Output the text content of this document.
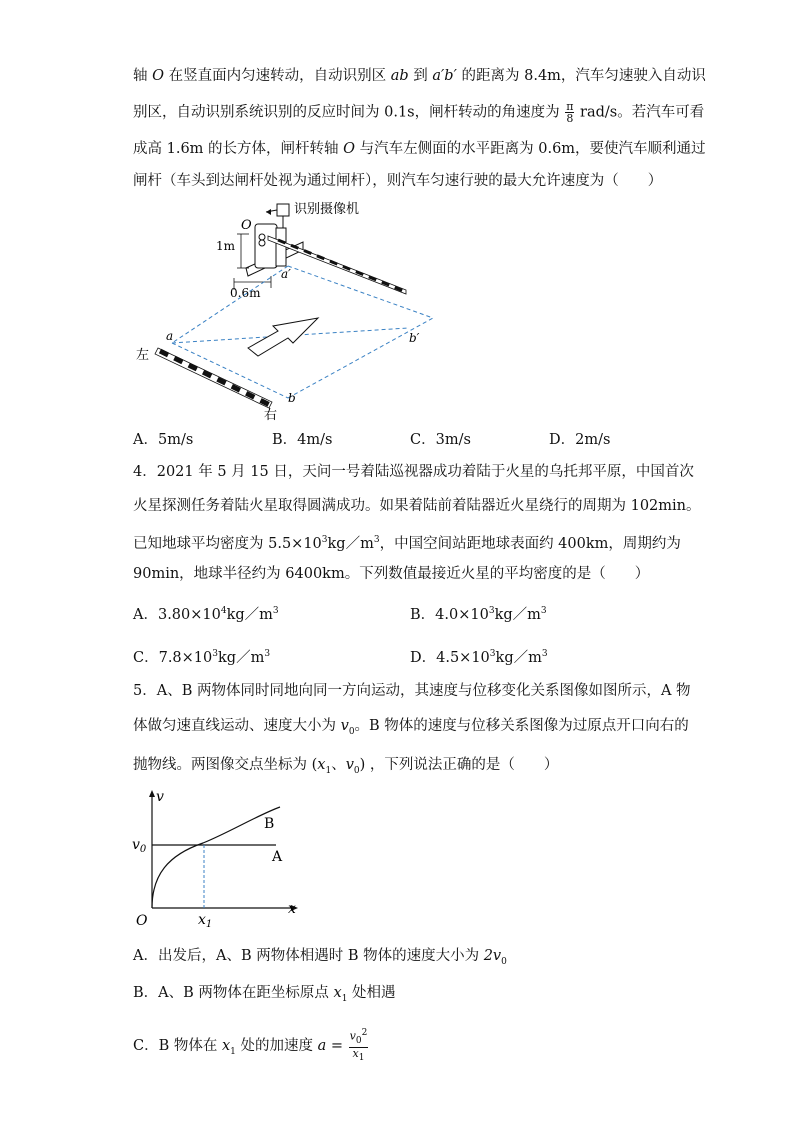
轴 O 在竖直面内匀速转动，自动识别区 ab 到 a′b′ 的距离为 8.4m，汽车匀速驶入自动识
别区，自动识别系统识别的反应时间为 0.1s，闸杆转动的角速度为 $\frac{\pi}{8} rad/s$。若汽车可看
成高 1.6m 的长方体，闸杆转轴 O 与汽车左侧面的水平距离为 0.6m，要使汽车顺利通过
闸杆（车头到达闸杆处视为通过闸杆），则汽车匀速行驶的最大允许速度为（　　）
识别摄像机
O
1m
0.6m
a′
a
b
b′
左
右
A．5m/s	B．4m/s	C．3m/s	D．2m/s
4．2021 年 5 月 15 日，天问一号着陆巡视器成功着陆于火星的乌托邦平原，中国首次
火星探测任务着陆火星取得圆满成功。如果着陆前着陆器近火星绕行的周期为 102min。
已知地球平均密度为 $5.5\times 10^3kg/m^3$，中国空间站距地球表面约 400km，周期约为
90min，地球半径约为 6400km。下列数值最接近火星的平均密度的是（　　）
A．$3.80\times 10^4kg/m^3$	B．$4.0\times 10^3kg/m^3$
C．$7.8\times 10^3kg/m^3$	D．$4.5\times 10^3kg/m^3$
5．A、B 两物体同时同地向同一方向运动，其速度与位移变化关系图像如图所示，A 物
体做匀速直线运动、速度大小为 $v_0$。B 物体的速度与位移关系图像为过原点开口向右的
抛物线。两图像交点坐标为 ($x_1$、$v_0$) ，下列说法正确的是（　　）
v
$v_0$
B
A
O	$x_1$
x
A．出发后，A、B 两物体相遇时 B 物体的速度大小为 $2v_0$
B．A、B 两物体在距坐标原点 $x_1$ 处相遇
C．B 物体在 $x_1$ 处的加速度 $a = \frac{v_0^2}{x_1}$
